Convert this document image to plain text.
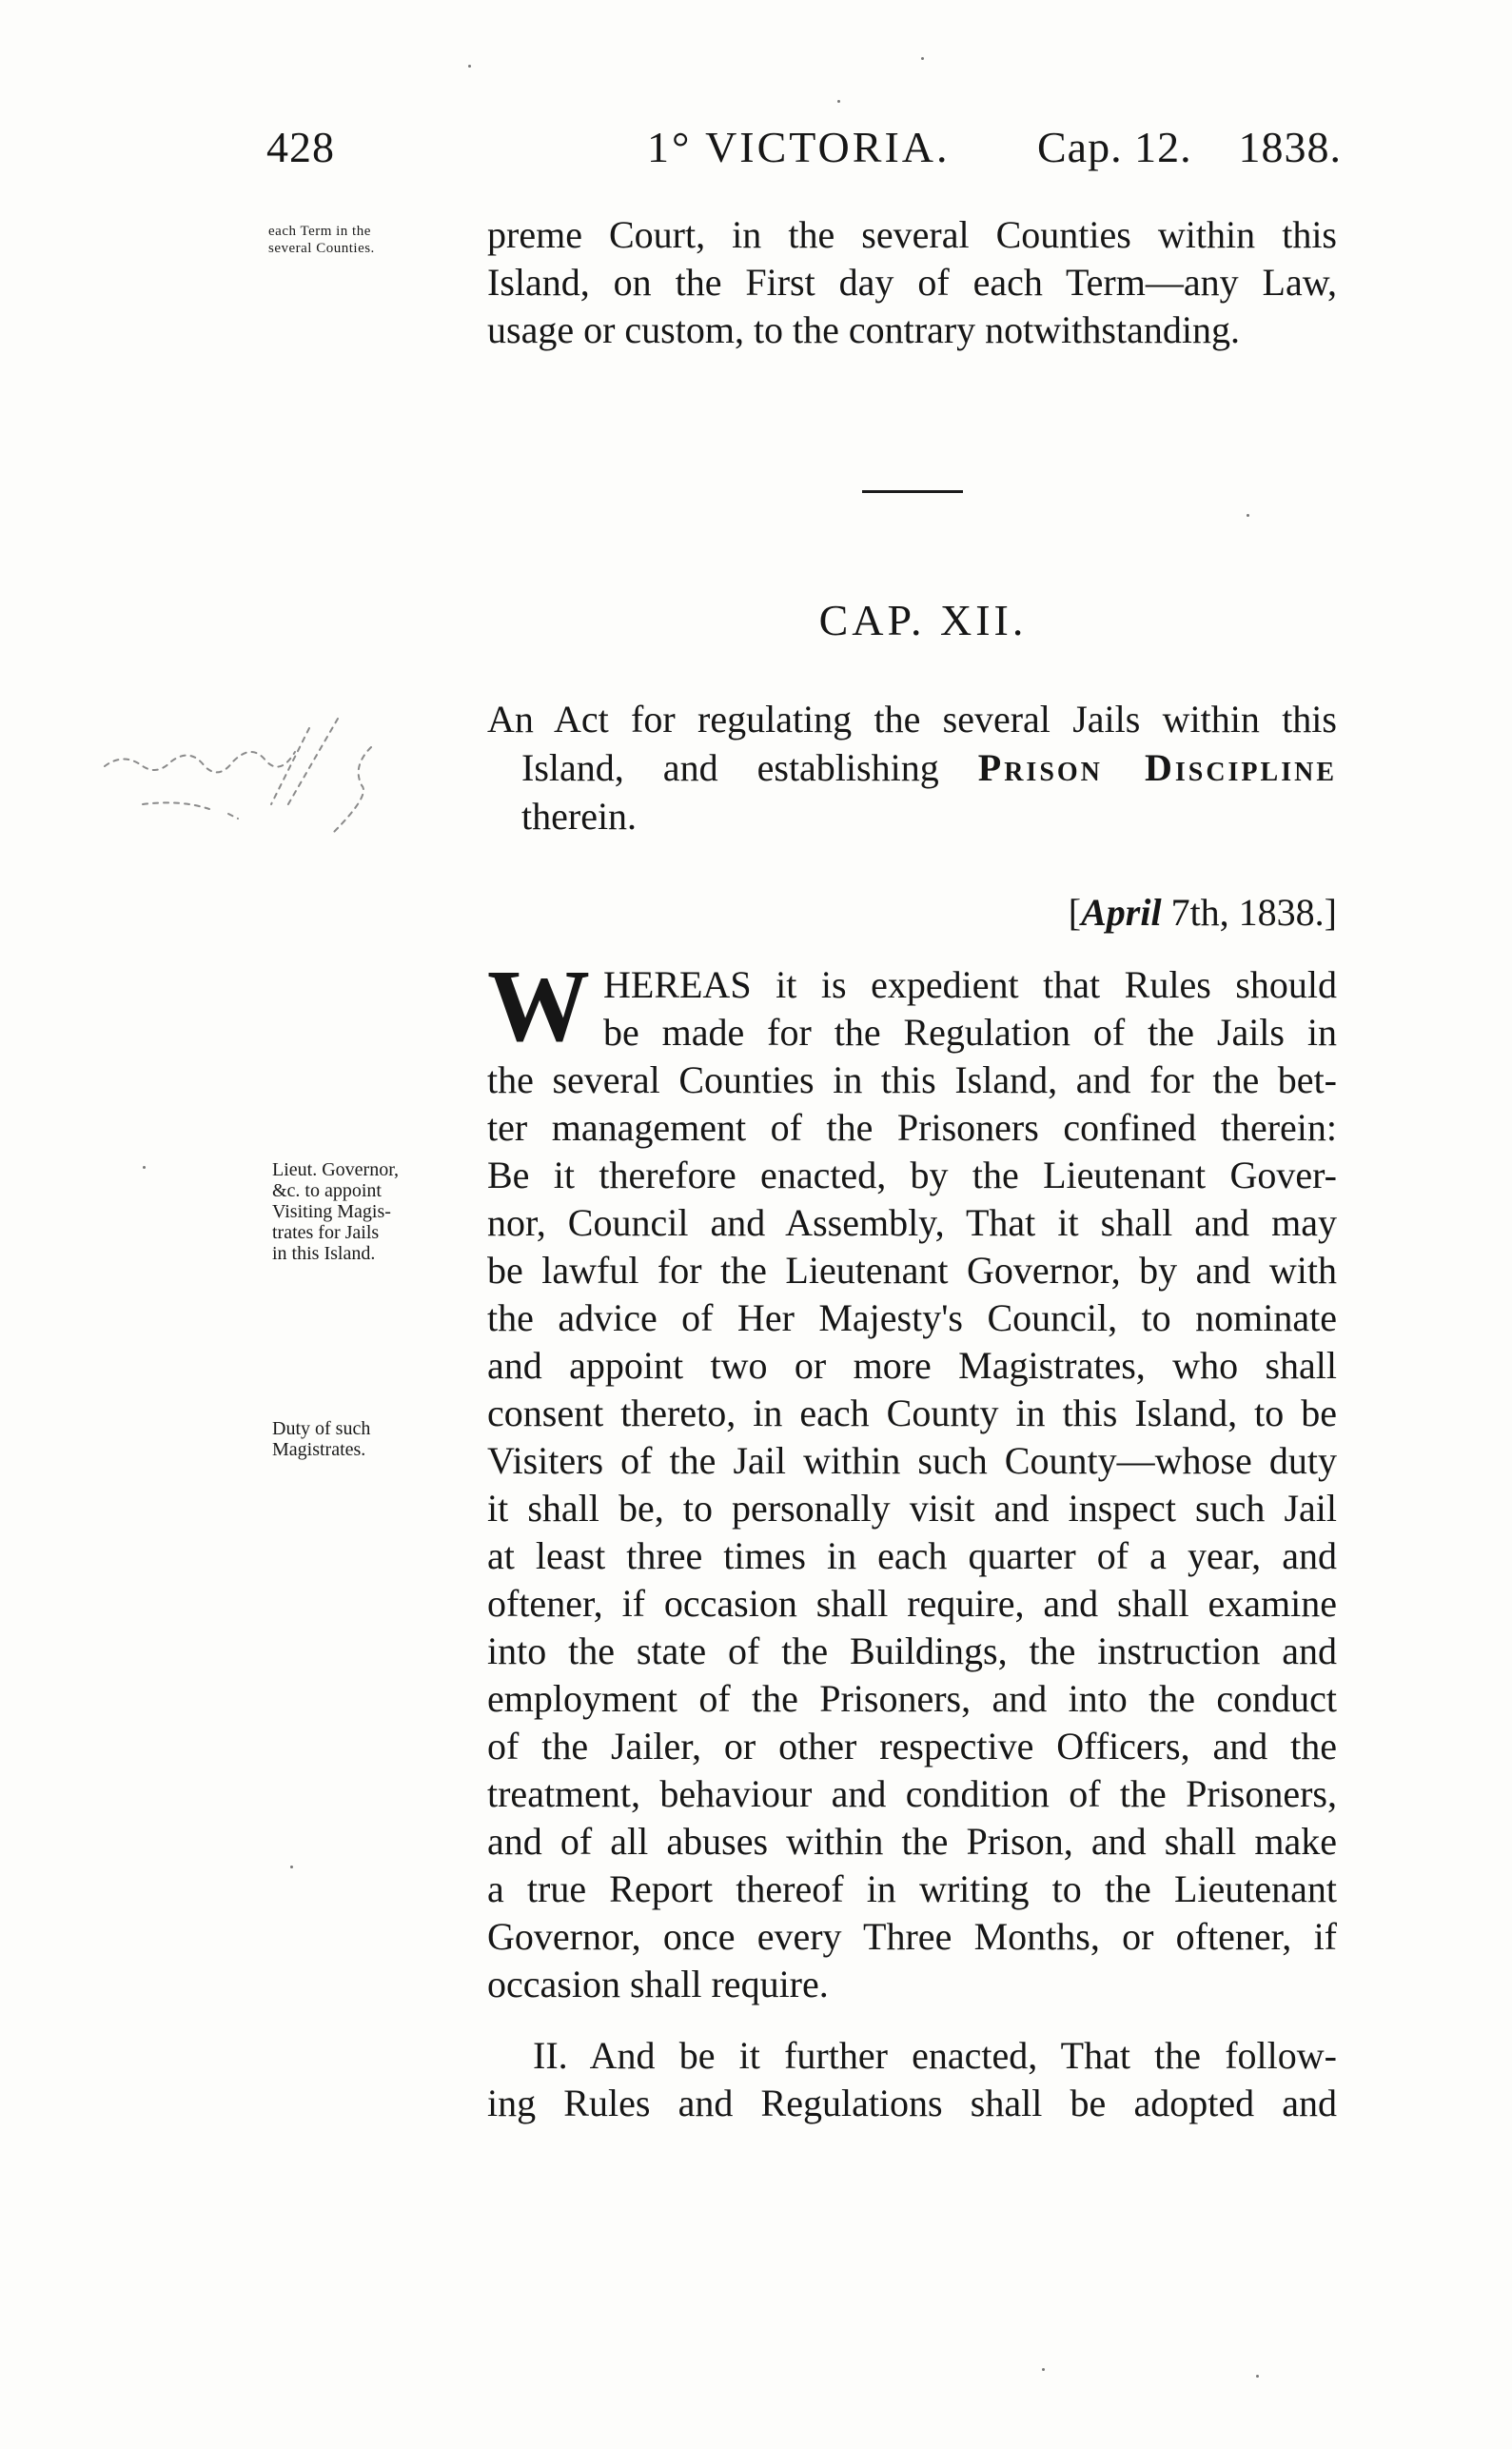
428	1° VICTORIA. Cap. 12. 1838.
each Term in the
several Counties.	preme Court, in the several Counties within this
Island, on the First day of each Term—any Law,
usage or custom, to the contrary notwithstanding.
CAP. XII.
An Act for regulating the several Jails within this
Island, and establishing Prison Discipline
therein.
[April 7th, 1838.]
Lieut. Governor,
&c. to appoint
Visiting Magis-
trates for Jails
in this Island.
Duty of such
Magistrates.
W HEREAS it is expedient that Rules should
be made for the Regulation of the Jails in
the several Counties in this Island, and for the bet-
ter management of the Prisoners confined therein:
Be it therefore enacted, by the Lieutenant Gover-
nor, Council and Assembly, That it shall and may
be lawful for the Lieutenant Governor, by and with
the advice of Her Majesty's Council, to nominate
and appoint two or more Magistrates, who shall
consent thereto, in each County in this Island, to be
Visiters of the Jail within such County—whose duty
it shall be, to personally visit and inspect such Jail
at least three times in each quarter of a year, and
oftener, if occasion shall require, and shall examine
into the state of the Buildings, the instruction and
employment of the Prisoners, and into the conduct
of the Jailer, or other respective Officers, and the
treatment, behaviour and condition of the Prisoners,
and of all abuses within the Prison, and shall make
a true Report thereof in writing to the Lieutenant
Governor, once every Three Months, or oftener, if
occasion shall require.
II. And be it further enacted, That the follow-
ing Rules and Regulations shall be adopted and
